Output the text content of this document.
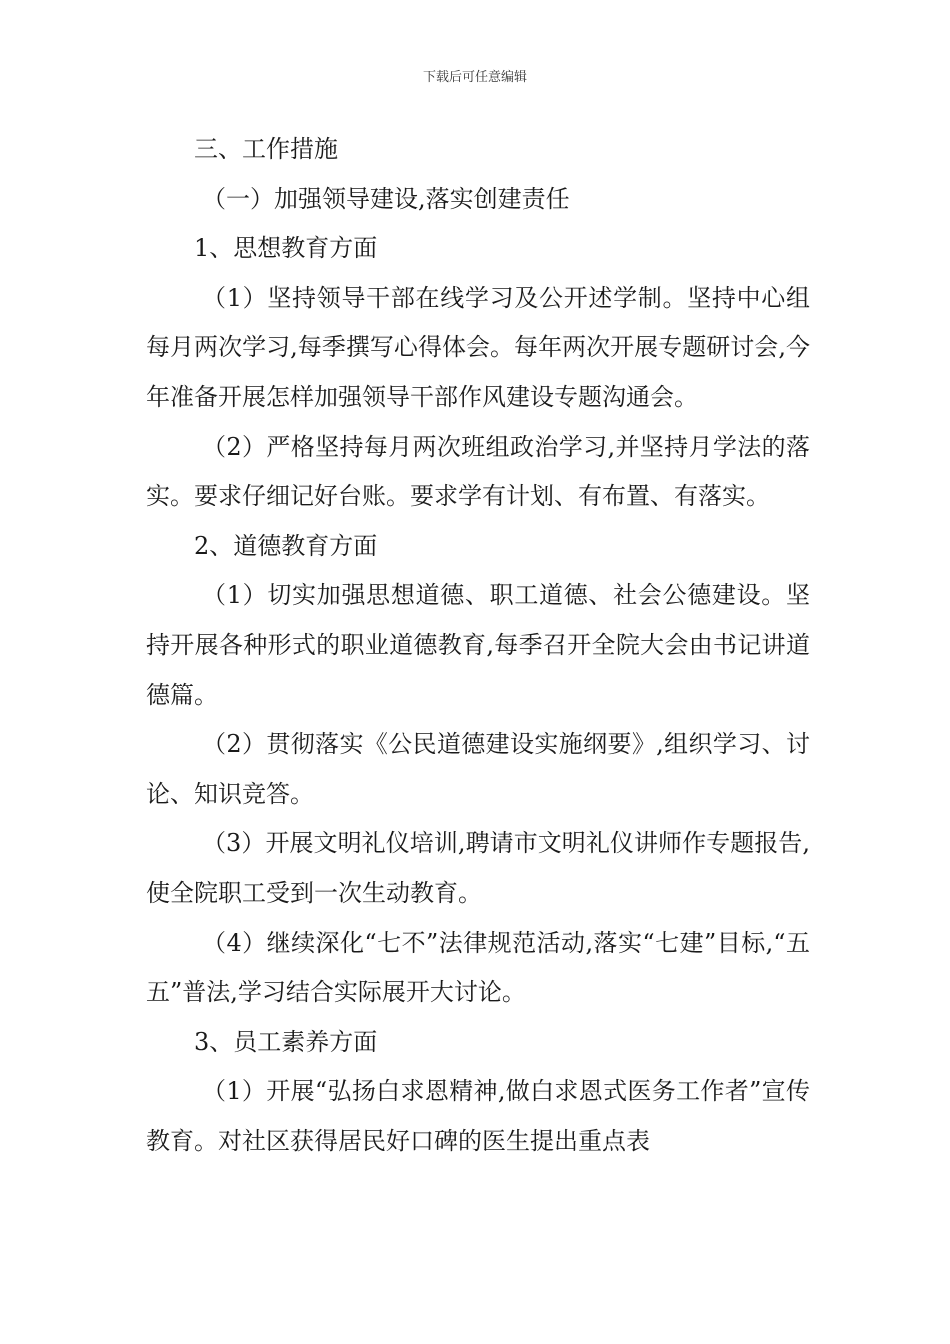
下载后可任意编辑

三、工作措施

（一）加强领导建设,落实创建责任

1、思想教育方面

（1）坚持领导干部在线学习及公开述学制。坚持中心组每月两次学习,每季撰写心得体会。每年两次开展专题研讨会,今年准备开展怎样加强领导干部作风建设专题沟通会。

（2）严格坚持每月两次班组政治学习,并坚持月学法的落实。要求仔细记好台账。要求学有计划、有布置、有落实。

2、道德教育方面

（1）切实加强思想道德、职工道德、社会公德建设。坚持开展各种形式的职业道德教育,每季召开全院大会由书记讲道德篇。

（2）贯彻落实《公民道德建设实施纲要》,组织学习、讨论、知识竞答。

（3）开展文明礼仪培训,聘请市文明礼仪讲师作专题报告,使全院职工受到一次生动教育。

（4）继续深化“七不”法律规范活动,落实“七建”目标,“五五”普法,学习结合实际展开大讨论。

3、员工素养方面

（1）开展“弘扬白求恩精神,做白求恩式医务工作者”宣传教育。对社区获得居民好口碑的医生提出重点表
